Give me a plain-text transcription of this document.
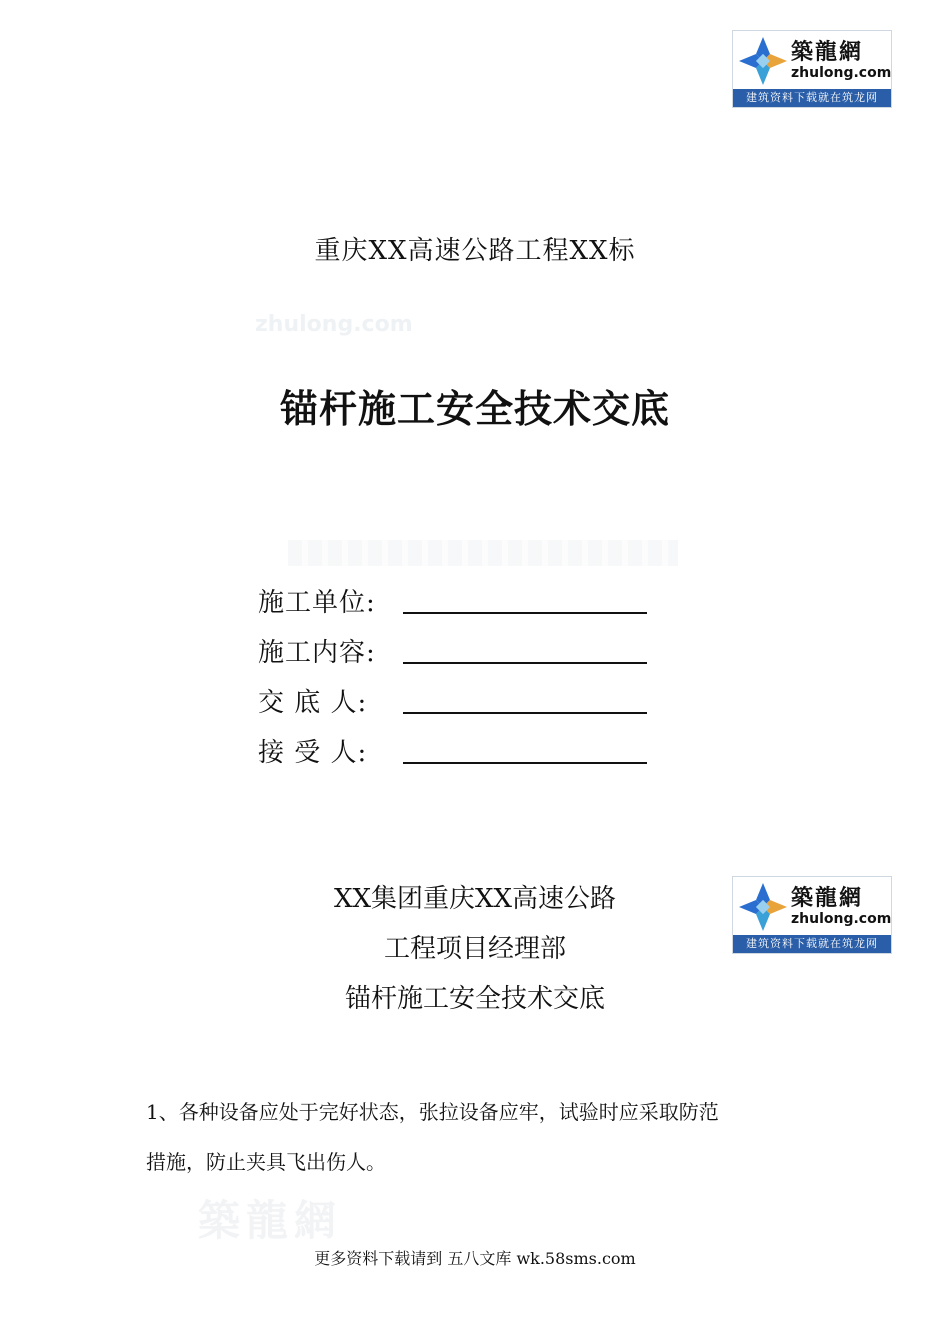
築龍網
zhulong.com
建筑资料下载就在筑龙网
重庆XX高速公路工程XX标
zhulong.com
锚杆施工安全技术交底
施工单位:
施工内容:
交 底 人:
接 受 人:
築龍網
zhulong.com
建筑资料下载就在筑龙网
XX集团重庆XX高速公路
工程项目经理部
锚杆施工安全技术交底
1、各种设备应处于完好状态，张拉设备应牢，试验时应采取防范
措施，防止夹具飞出伤人。
築龍網
更多资料下载请到 五八文库 wk.58sms.com
